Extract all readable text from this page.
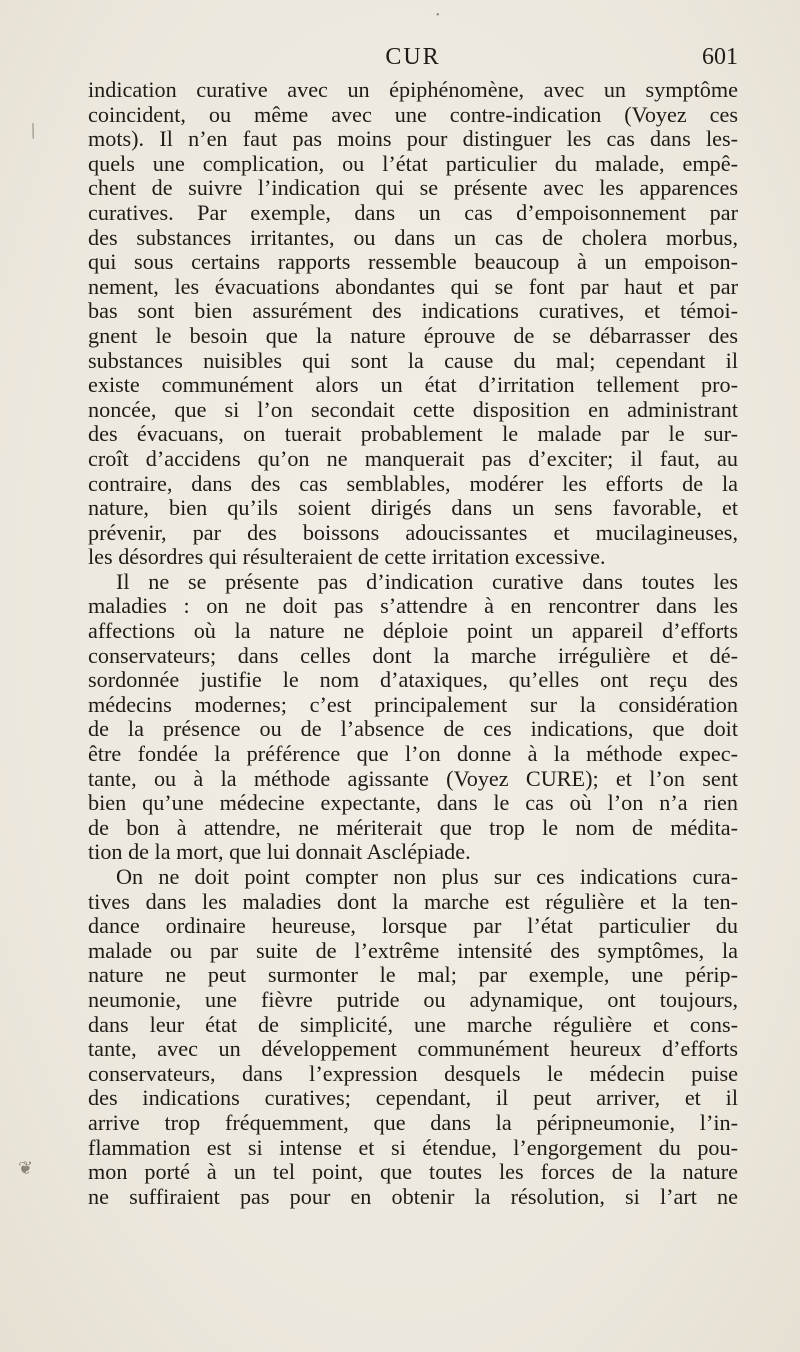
•
/
❦
CUR	601
indication curative avec un épiphénomène, avec un symptôme
coincident, ou même avec une contre-indication (Voyez ces
mots). Il n’en faut pas moins pour distinguer les cas dans les-
quels une complication, ou l’état particulier du malade, empê-
chent de suivre l’indication qui se présente avec les apparences
curatives. Par exemple, dans un cas d’empoisonnement par
des substances irritantes, ou dans un cas de cholera morbus,
qui sous certains rapports ressemble beaucoup à un empoison-
nement, les évacuations abondantes qui se font par haut et par
bas sont bien assurément des indications curatives, et témoi-
gnent le besoin que la nature éprouve de se débarrasser des
substances nuisibles qui sont la cause du mal; cependant il
existe communément alors un état d’irritation tellement pro-
noncée, que si l’on secondait cette disposition en administrant
des évacuans, on tuerait probablement le malade par le sur-
croît d’accidens qu’on ne manquerait pas d’exciter; il faut, au
contraire, dans des cas semblables, modérer les efforts de la
nature, bien qu’ils soient dirigés dans un sens favorable, et
prévenir, par des boissons adoucissantes et mucilagineuses,
les désordres qui résulteraient de cette irritation excessive.
Il ne se présente pas d’indication curative dans toutes les
maladies : on ne doit pas s’attendre à en rencontrer dans les
affections où la nature ne déploie point un appareil d’efforts
conservateurs; dans celles dont la marche irrégulière et dé-
sordonnée justifie le nom d’ataxiques, qu’elles ont reçu des
médecins modernes; c’est principalement sur la considération
de la présence ou de l’absence de ces indications, que doit
être fondée la préférence que l’on donne à la méthode expec-
tante, ou à la méthode agissante (Voyez CURE); et l’on sent
bien qu’une médecine expectante, dans le cas où l’on n’a rien
de bon à attendre, ne mériterait que trop le nom de médita-
tion de la mort, que lui donnait Asclépiade.
On ne doit point compter non plus sur ces indications cura-
tives dans les maladies dont la marche est régulière et la ten-
dance ordinaire heureuse, lorsque par l’état particulier du
malade ou par suite de l’extrême intensité des symptômes, la
nature ne peut surmonter le mal; par exemple, une périp-
neumonie, une fièvre putride ou adynamique, ont toujours,
dans leur état de simplicité, une marche régulière et cons-
tante, avec un développement communément heureux d’efforts
conservateurs, dans l’expression desquels le médecin puise
des indications curatives; cependant, il peut arriver, et il
arrive trop fréquemment, que dans la péripneumonie, l’in-
flammation est si intense et si étendue, l’engorgement du pou-
mon porté à un tel point, que toutes les forces de la nature
ne suffiraient pas pour en obtenir la résolution, si l’art ne
